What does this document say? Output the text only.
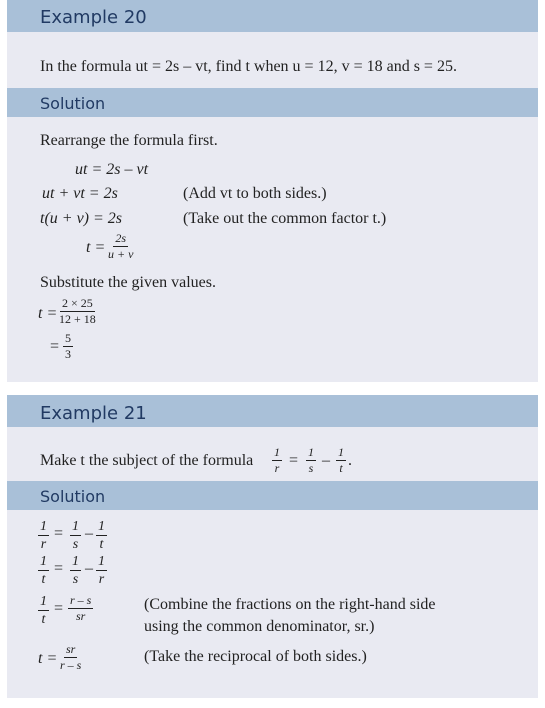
Example 20
In the formula ut = 2s – vt, find t when u = 12, v = 18 and s = 25.
Solution
Rearrange the formula first.
ut = 2s – vt
ut + vt = 2s	(Add vt to both sides.)
t(u + v) = 2s	(Take out the common factor t.)
$t = \frac{2s}{u + v}$
Substitute the given values.
$t = \frac{2 \times 25}{12 + 18}$
= $\frac{5}{3}$
Example 21
Make t the subject of the formula $\frac{1}{r} = \frac{1}{s} - \frac{1}{t}$ .
Solution
$\frac{1}{r} = \frac{1}{s} - \frac{1}{t}$
$\frac{1}{t} = \frac{1}{s} - \frac{1}{r}$
$\frac{1}{t} = \frac{r - s}{sr}$	(Combine the fractions on the right-hand side
using the common denominator, sr.)
$t = \frac{sr}{r - s}$	(Take the reciprocal of both sides.)
